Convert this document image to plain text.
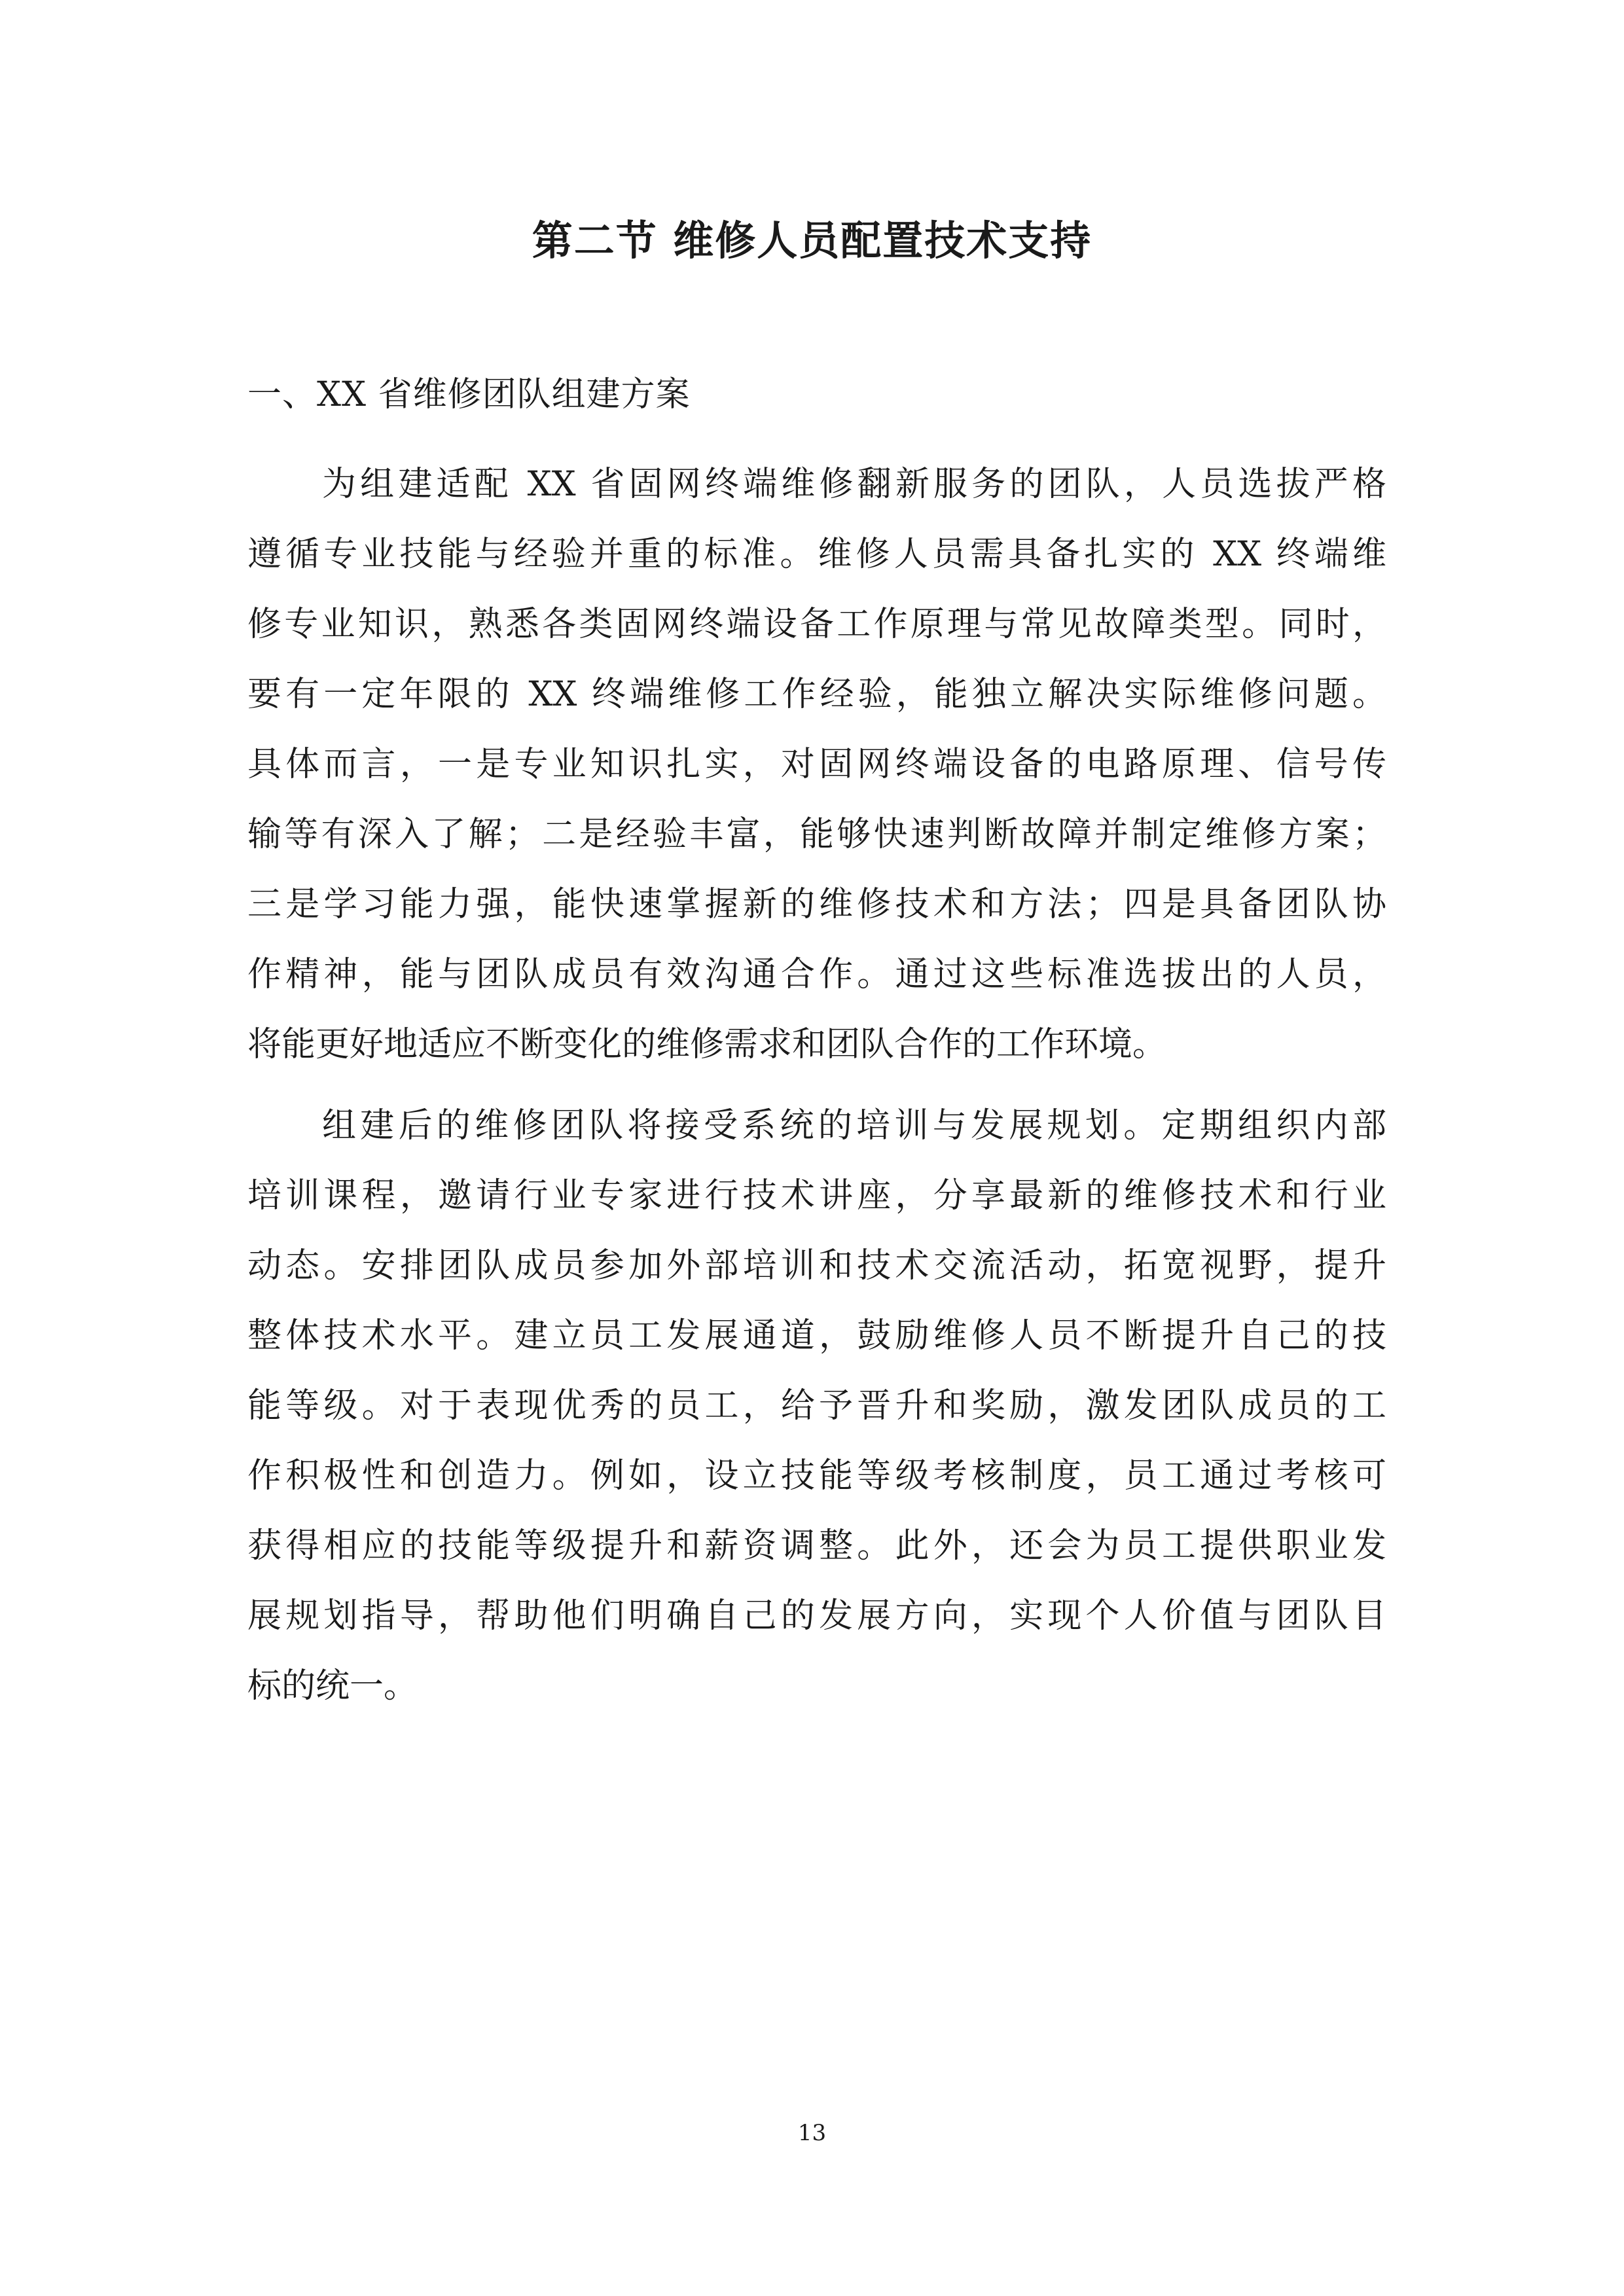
第二节 维修人员配置技术支持
一、XX 省维修团队组建方案
为组建适配 XX 省固网终端维修翻新服务的团队，人员选拔严格
遵循专业技能与经验并重的标准。维修人员需具备扎实的 XX 终端维
修专业知识，熟悉各类固网终端设备工作原理与常见故障类型。同时，
要有一定年限的 XX 终端维修工作经验，能独立解决实际维修问题。
具体而言，一是专业知识扎实，对固网终端设备的电路原理、信号传
输等有深入了解；二是经验丰富，能够快速判断故障并制定维修方案；
三是学习能力强，能快速掌握新的维修技术和方法；四是具备团队协
作精神，能与团队成员有效沟通合作。通过这些标准选拔出的人员，
将能更好地适应不断变化的维修需求和团队合作的工作环境。
组建后的维修团队将接受系统的培训与发展规划。定期组织内部
培训课程，邀请行业专家进行技术讲座，分享最新的维修技术和行业
动态。安排团队成员参加外部培训和技术交流活动，拓宽视野，提升
整体技术水平。建立员工发展通道，鼓励维修人员不断提升自己的技
能等级。对于表现优秀的员工，给予晋升和奖励，激发团队成员的工
作积极性和创造力。例如，设立技能等级考核制度，员工通过考核可
获得相应的技能等级提升和薪资调整。此外，还会为员工提供职业发
展规划指导，帮助他们明确自己的发展方向，实现个人价值与团队目
标的统一。
13
